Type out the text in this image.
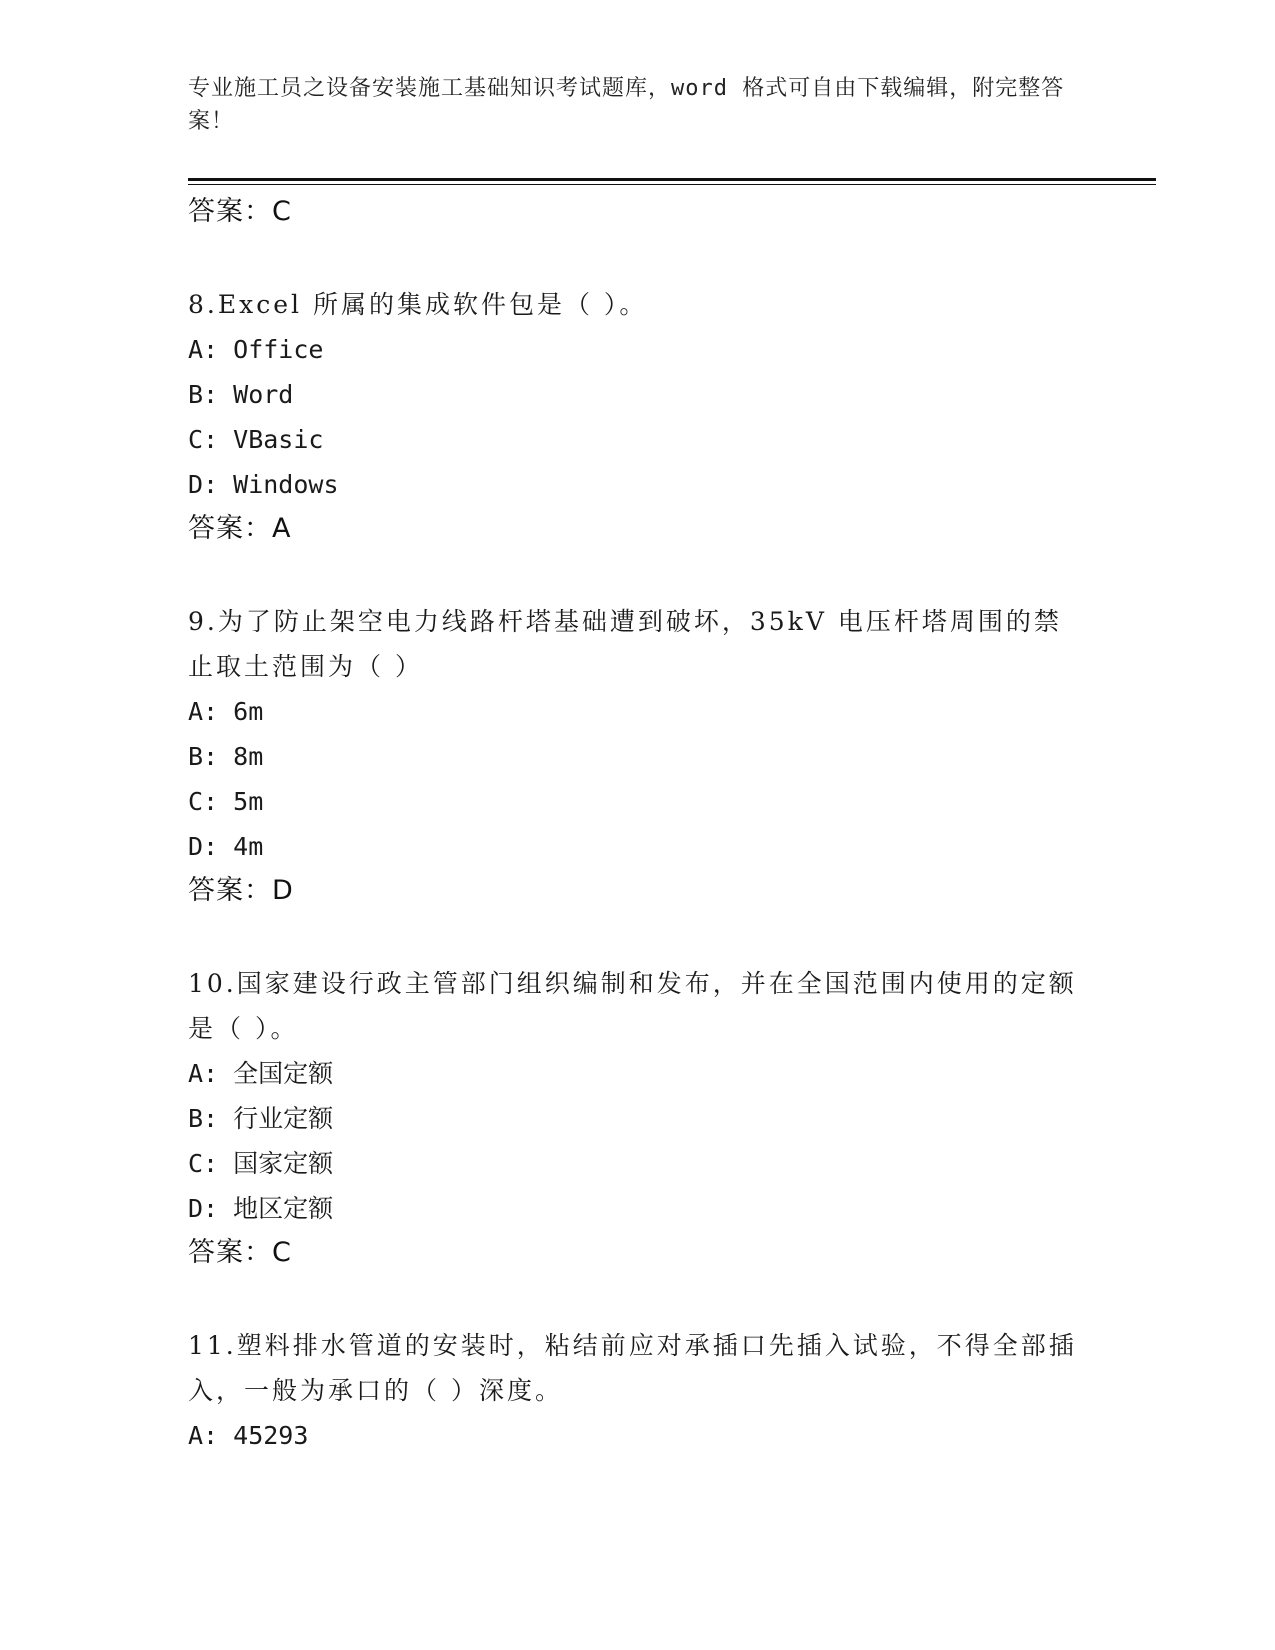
专业施工员之设备安装施工基础知识考试题库，word 格式可自由下载编辑，附完整答案！
答案：C
8.Excel 所属的集成软件包是（ ）。
A: Office
B: Word
C: VBasic
D: Windows
答案：A
9.为了防止架空电力线路杆塔基础遭到破坏，35kV 电压杆塔周围的禁止取土范围为（ ）
A: 6m
B: 8m
C: 5m
D: 4m
答案：D
10.国家建设行政主管部门组织编制和发布，并在全国范围内使用的定额是（ ）。
A: 全国定额
B: 行业定额
C: 国家定额
D: 地区定额
答案：C
11.塑料排水管道的安装时，粘结前应对承插口先插入试验，不得全部插入，一般为承口的（ ）深度。
A: 45293
